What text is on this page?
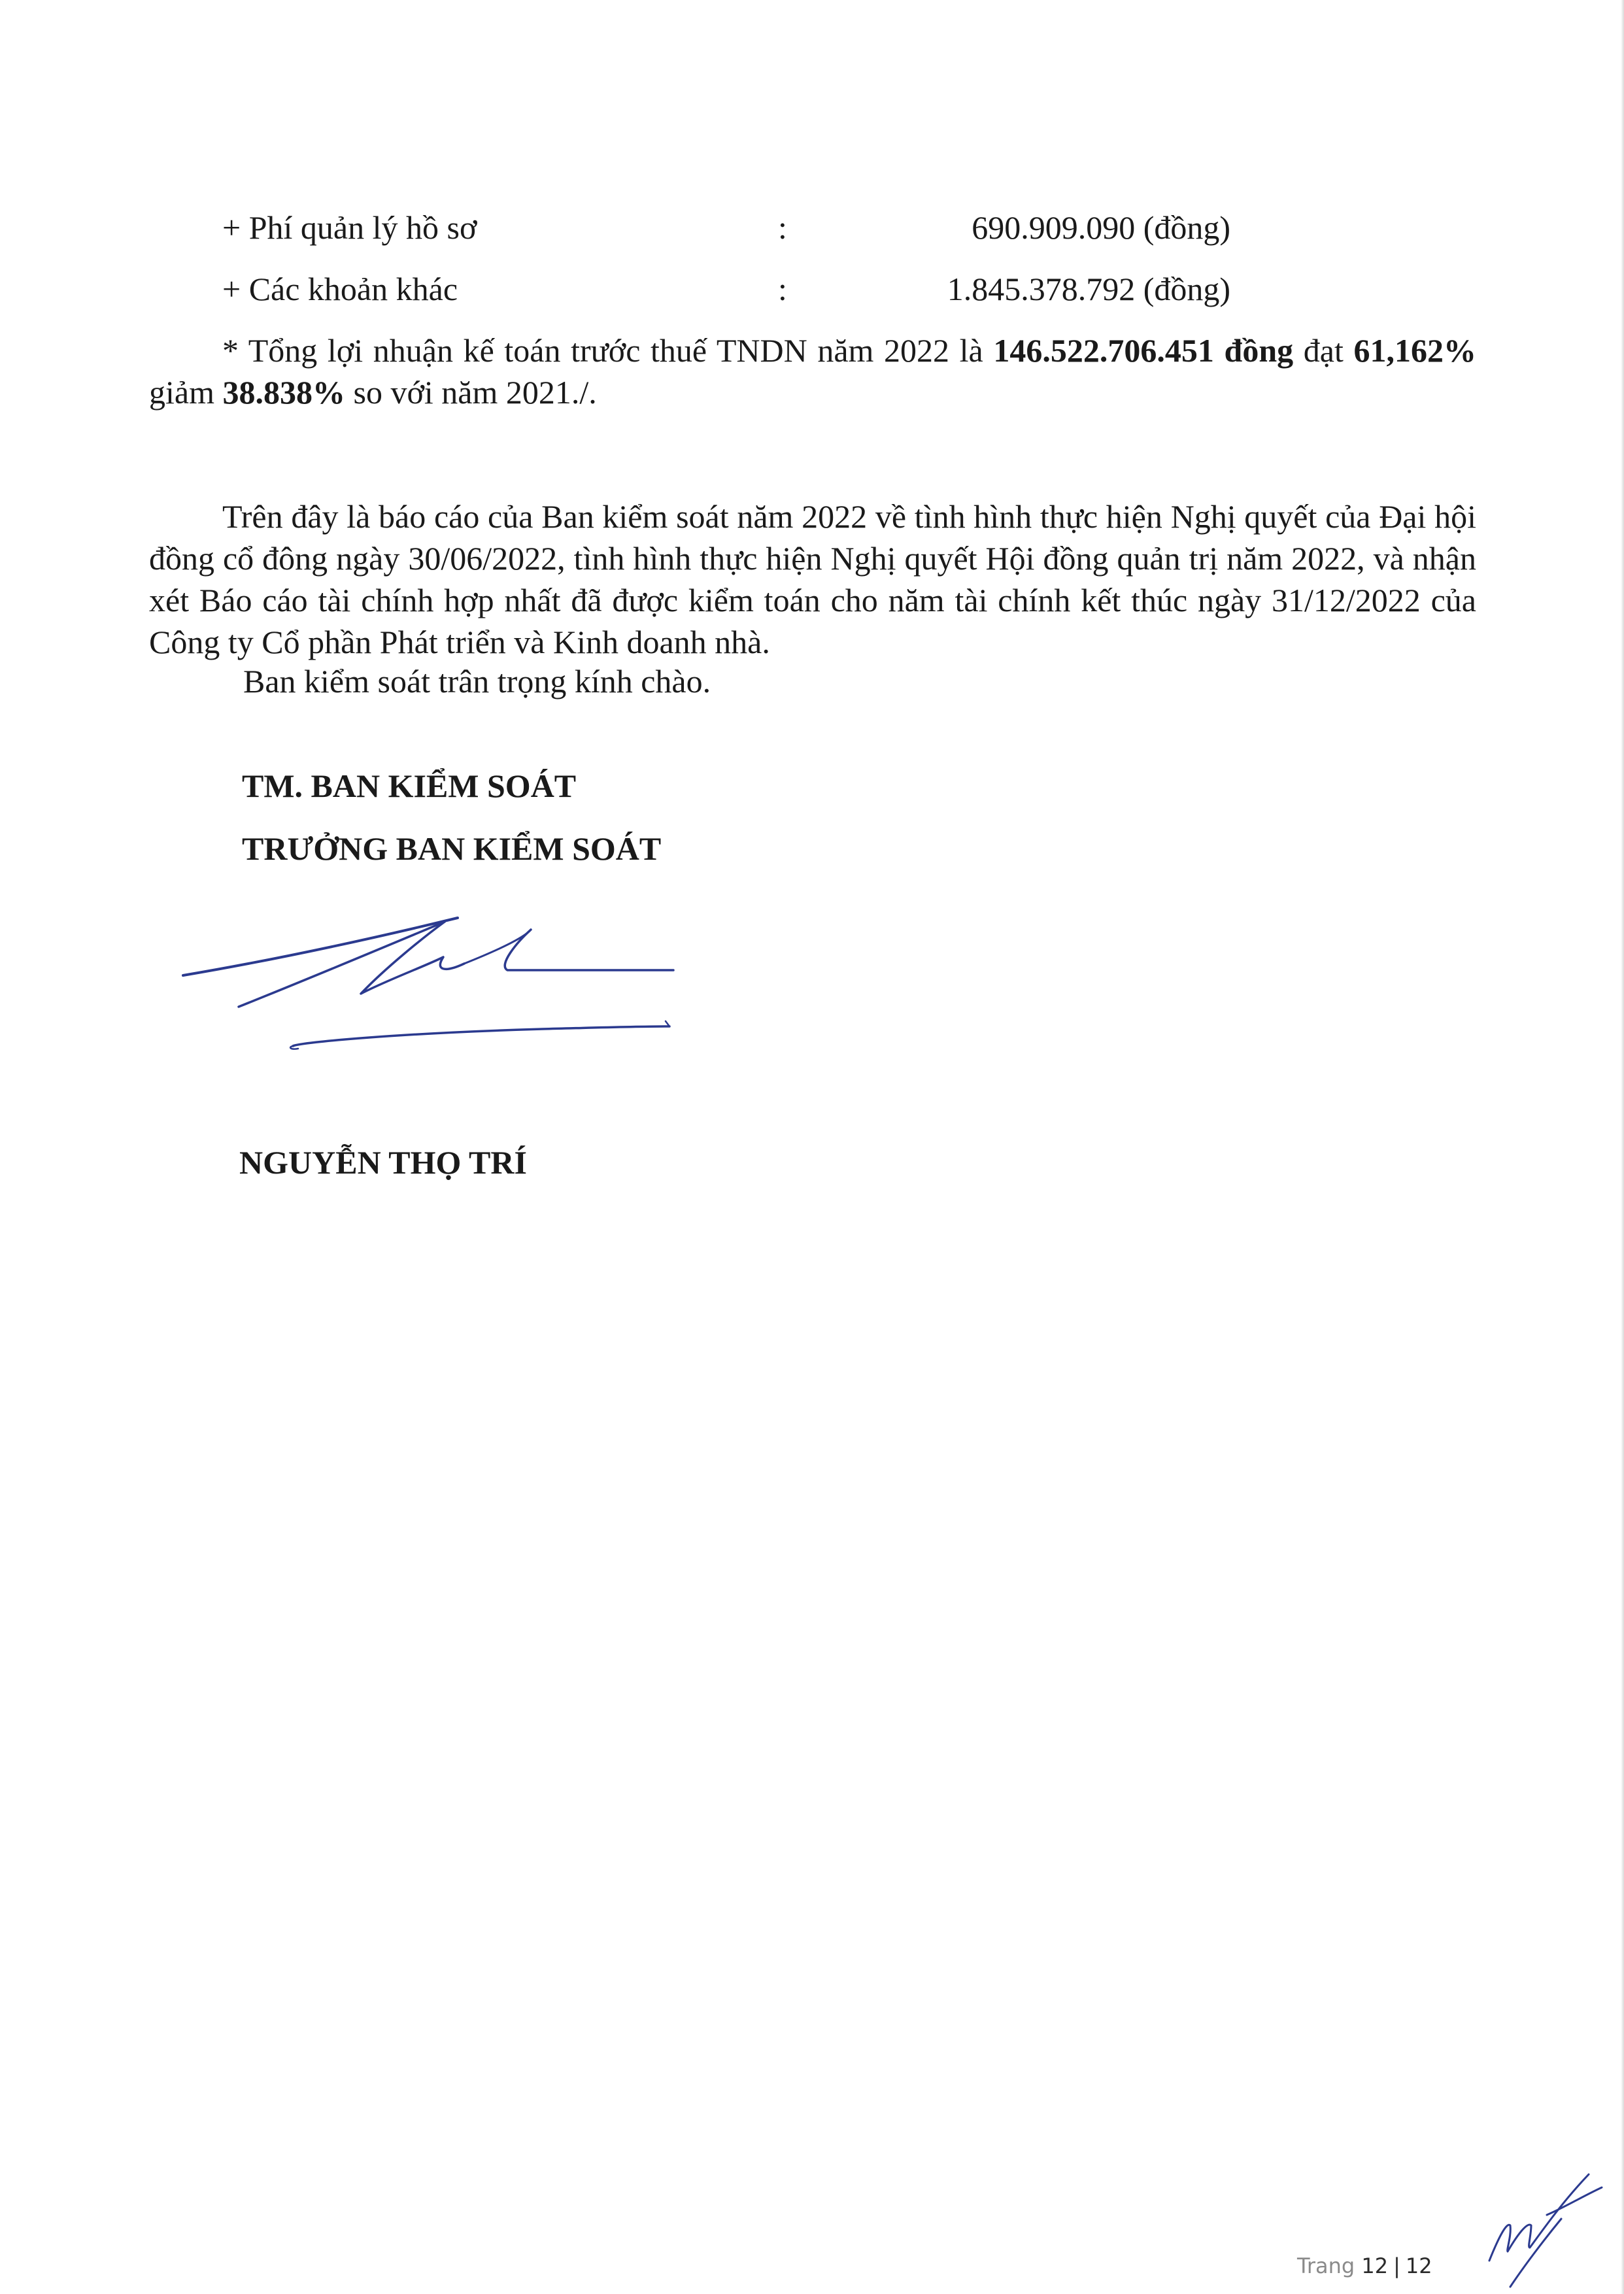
+ Phí quản lý hồ sơ	:	690.909.090 (đồng)
+ Các khoản khác	:	1.845.378.792 (đồng)
* Tổng lợi nhuận kế toán trước thuế TNDN năm 2022 là 146.522.706.451 đồng đạt 61,162% giảm 38.838% so với năm 2021./.
Trên đây là báo cáo của Ban kiểm soát năm 2022 về tình hình thực hiện Nghị quyết của Đại hội đồng cổ đông ngày 30/06/2022, tình hình thực hiện Nghị quyết Hội đồng quản trị năm 2022, và nhận xét Báo cáo tài chính hợp nhất đã được kiểm toán cho năm tài chính kết thúc ngày 31/12/2022 của Công ty Cổ phần Phát triển và Kinh doanh nhà.
Ban kiểm soát trân trọng kính chào.
TM. BAN KIỂM SOÁT
TRƯỞNG BAN KIỂM SOÁT
NGUYỄN THỌ TRÍ
Trang 12 | 12
